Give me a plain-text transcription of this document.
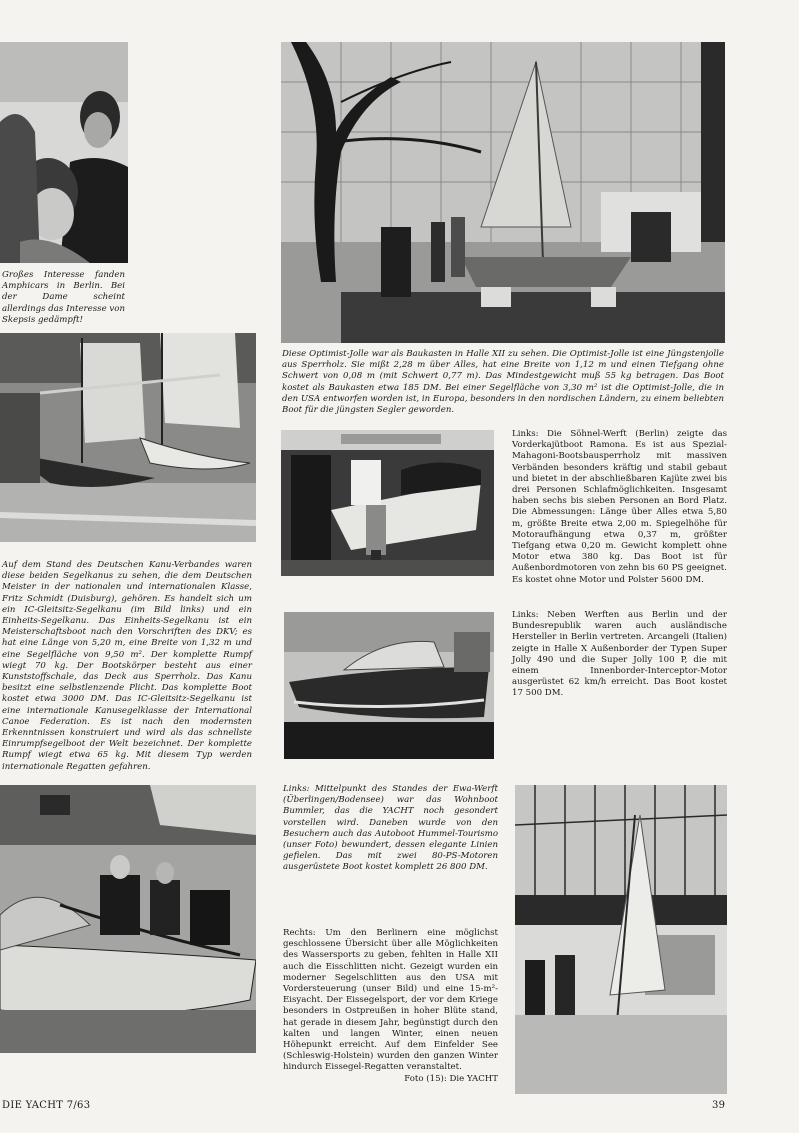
Großes Interesse fanden Amphicars in Berlin. Bei der Dame scheint allerdings das Interesse von Skepsis gedämpft!

Diese Optimist-Jolle war als Baukasten in Halle XII zu sehen. Die Optimist-Jolle ist eine Jüngstenjolle aus Sperrholz. Sie mißt 2,28 m über Alles, hat eine Breite von 1,12 m und einen Tiefgang ohne Schwert von 0,08 m (mit Schwert 0,77 m). Das Mindestgewicht muß 55 kg betragen. Das Boot kostet als Baukasten etwa 185 DM. Bei einer Segelfläche von 3,30 m² ist die Optimist-Jolle, die in den USA entworfen worden ist, in Europa, besonders in den nordischen Ländern, zu einem beliebten Boot für die jüngsten Segler geworden.

Auf dem Stand des Deutschen Kanu-Verbandes waren diese beiden Segelkanus zu sehen, die dem Deutschen Meister in der nationalen und internationalen Klasse, Fritz Schmidt (Duisburg), gehören. Es handelt sich um ein IC-Gleitsitz-Segelkanu (im Bild links) und ein Einheits-Segelkanu. Das Einheits-Segelkanu ist ein Meisterschaftsboot nach den Vorschriften des DKV; es hat eine Länge von 5,20 m, eine Breite von 1,32 m und eine Segelfläche von 9,50 m². Der komplette Rumpf wiegt 70 kg. Der Bootskörper besteht aus einer Kunststoffschale, das Deck aus Sperrholz. Das Kanu besitzt eine selbstlenzende Plicht. Das komplette Boot kostet etwa 3000 DM. Das IC-Gleitsitz-Segelkanu ist eine internationale Kanusegelklasse der International Canoe Federation. Es ist nach den modernsten Erkenntnissen konstruiert und wird als das schnellste Einrumpfsegelboot der Welt bezeichnet. Der komplette Rumpf wiegt etwa 65 kg. Mit diesem Typ werden internationale Regatten gefahren.

Links: Die Söhnel-Werft (Berlin) zeigte das Vorderkajütboot Ramona. Es ist aus Spezial-Mahagoni-Bootsbausperrholz mit massiven Verbänden besonders kräftig und stabil gebaut und bietet in der abschließbaren Kajüte zwei bis drei Personen Schlafmöglichkeiten. Insgesamt haben sechs bis sieben Personen an Bord Platz. Die Abmessungen: Länge über Alles etwa 5,80 m, größte Breite etwa 2,00 m. Spiegelhöhe für Motoraufhängung etwa 0,37 m, größter Tiefgang etwa 0,20 m. Gewicht komplett ohne Motor etwa 380 kg. Das Boot ist für Außenbordmotoren von zehn bis 60 PS geeignet. Es kostet ohne Motor und Polster 5600 DM.

Links: Neben Werften aus Berlin und der Bundesrepublik waren auch ausländische Hersteller in Berlin vertreten. Arcangeli (Italien) zeigte in Halle X Außenborder der Typen Super Jolly 490 und die Super Jolly 100 P, die mit einem Innenborder-Interceptor-Motor ausgerüstet 62 km/h erreicht. Das Boot kostet 17 500 DM.

Links: Mittelpunkt des Standes der Ewa-Werft (Überlingen/Bodensee) war das Wohnboot Bummler, das die YACHT noch gesondert vorstellen wird. Daneben wurde von den Besuchern auch das Autoboot Hummel-Tourismo (unser Foto) bewundert, dessen elegante Linien gefielen. Das mit zwei 80-PS-Motoren ausgerüstete Boot kostet komplett 26 800 DM.

Rechts: Um den Berlinern eine möglichst geschlossene Übersicht über alle Möglichkeiten des Wassersports zu geben, fehlten in Halle XII auch die Eisschlitten nicht. Gezeigt wurden ein moderner Segelschlitten aus den USA mit Vordersteuerung (unser Bild) und eine 15-m²-Eisyacht. Der Eissegelsport, der vor dem Kriege besonders in Ostpreußen in hoher Blüte stand, hat gerade in diesem Jahr, begünstigt durch den kalten und langen Winter, einen neuen Höhepunkt erreicht. Auf dem Einfelder See (Schleswig-Holstein) wurden den ganzen Winter hindurch Eissegel-Regatten veranstaltet.
Foto (15): Die YACHT

DIE YACHT 7/63	39
